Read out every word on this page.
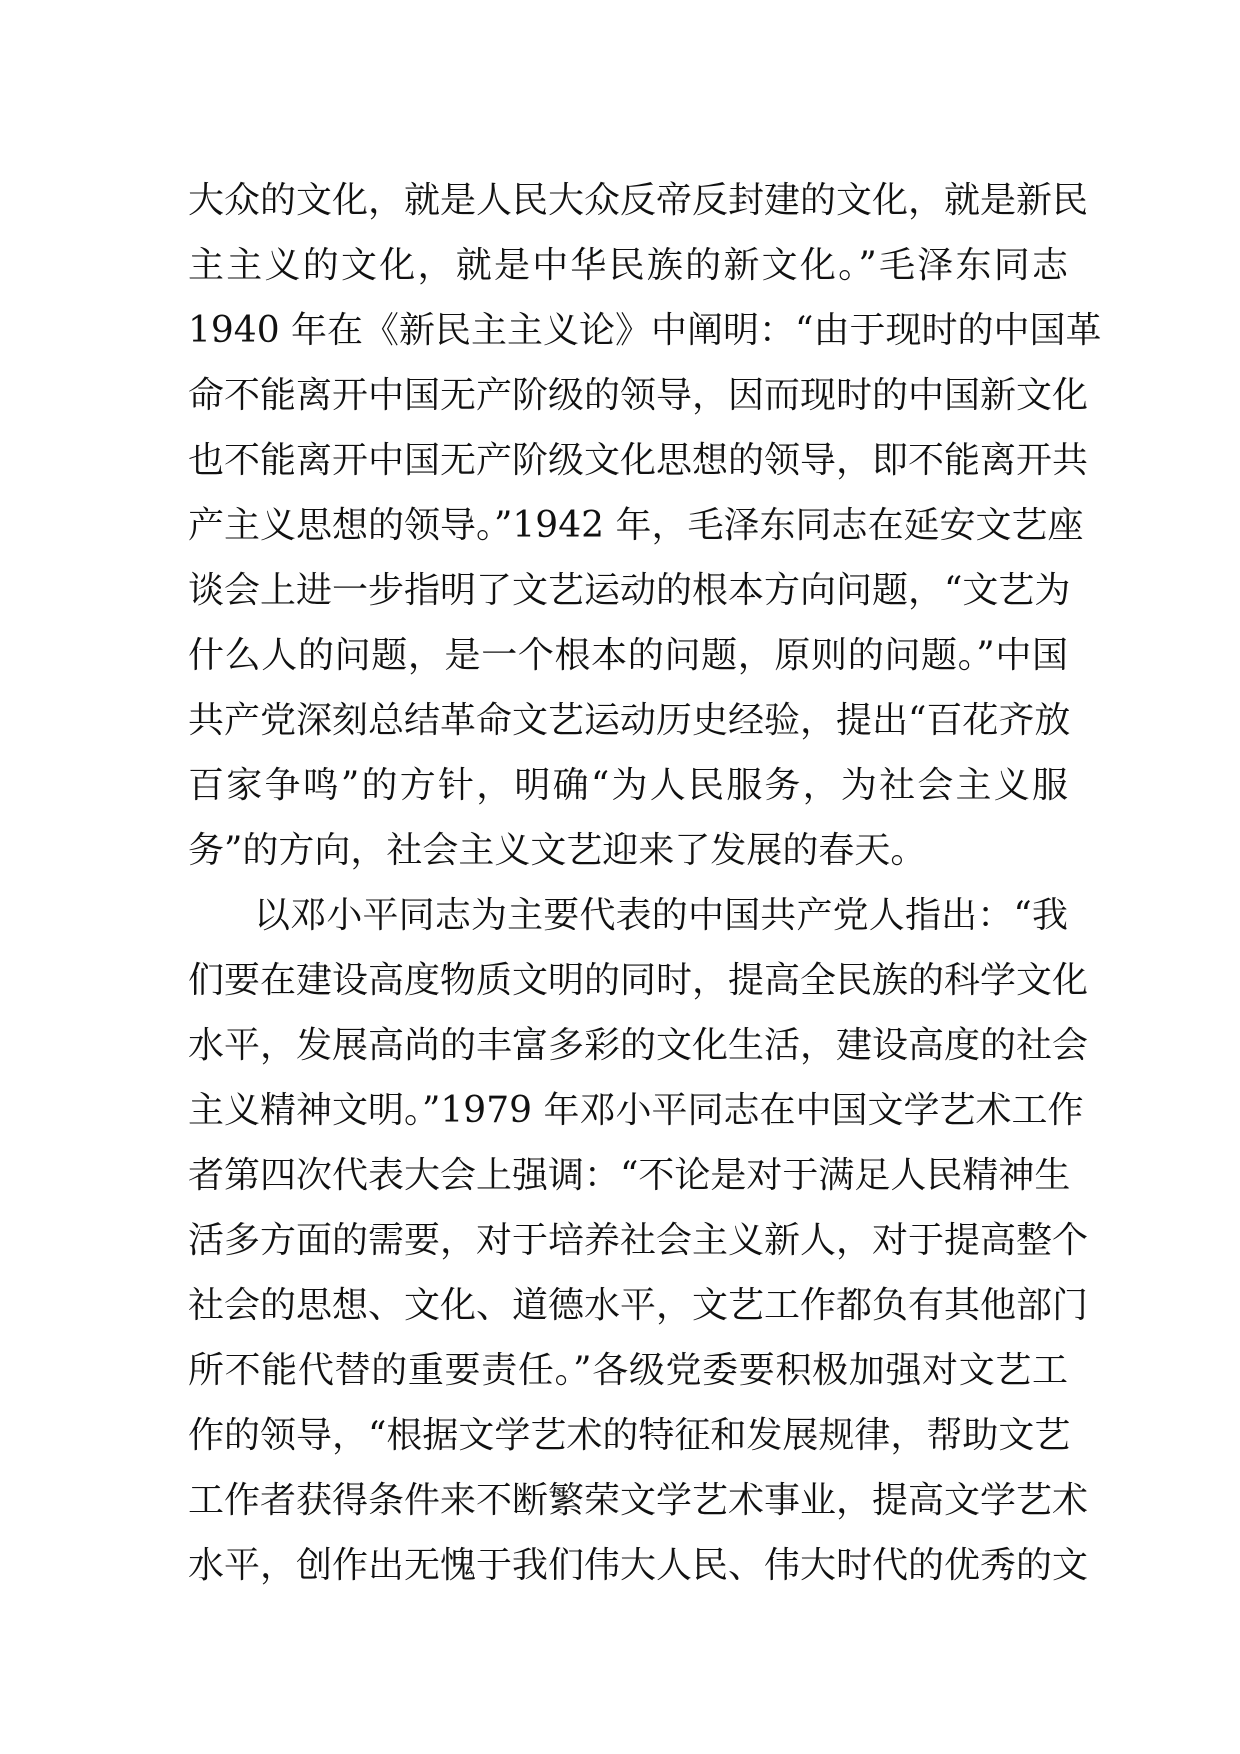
大众的文化，就是人民大众反帝反封建的文化，就是新民
主主义的文化，就是中华民族的新文化。”毛泽东同志
1940 年在《新民主主义论》中阐明：“由于现时的中国革
命不能离开中国无产阶级的领导，因而现时的中国新文化
也不能离开中国无产阶级文化思想的领导，即不能离开共
产主义思想的领导。”1942 年，毛泽东同志在延安文艺座
谈会上进一步指明了文艺运动的根本方向问题，“文艺为
什么人的问题，是一个根本的问题，原则的问题。”中国
共产党深刻总结革命文艺运动历史经验，提出“百花齐放
百家争鸣”的方针，明确“为人民服务，为社会主义服
务”的方向，社会主义文艺迎来了发展的春天。
以邓小平同志为主要代表的中国共产党人指出：“我
们要在建设高度物质文明的同时，提高全民族的科学文化
水平，发展高尚的丰富多彩的文化生活，建设高度的社会
主义精神文明。”1979 年邓小平同志在中国文学艺术工作
者第四次代表大会上强调：“不论是对于满足人民精神生
活多方面的需要，对于培养社会主义新人，对于提高整个
社会的思想、文化、道德水平，文艺工作都负有其他部门
所不能代替的重要责任。”各级党委要积极加强对文艺工
作的领导，“根据文学艺术的特征和发展规律，帮助文艺
工作者获得条件来不断繁荣文学艺术事业，提高文学艺术
水平，创作出无愧于我们伟大人民、伟大时代的优秀的文
